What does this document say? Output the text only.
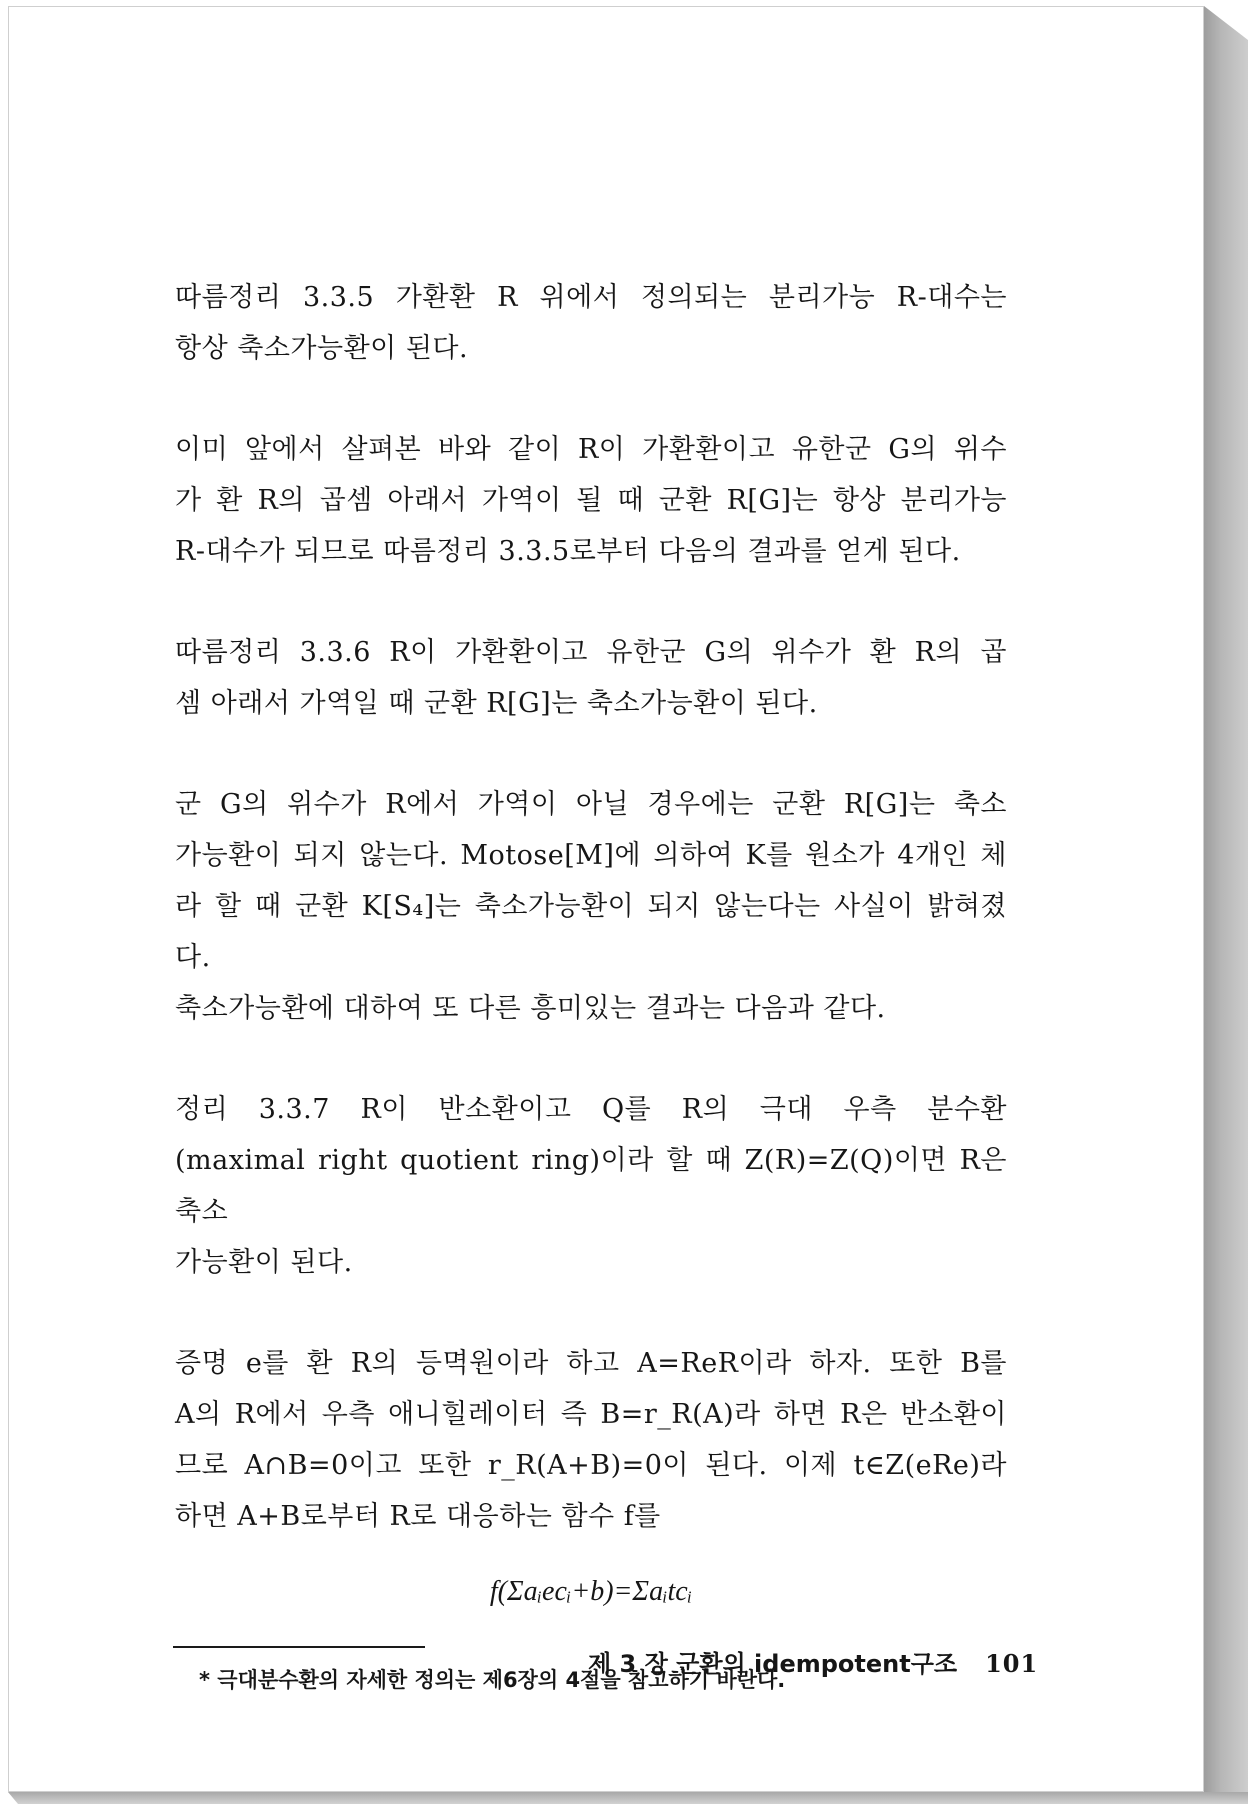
따름정리 3.3.5 가환환 R 위에서 정의되는 분리가능 R-대수는
항상 축소가능환이 된다.
이미 앞에서 살펴본 바와 같이 R이 가환환이고 유한군 G의 위수
가 환 R의 곱셈 아래서 가역이 될 때 군환 R[G]는 항상 분리가능
R-대수가 되므로 따름정리 3.3.5로부터 다음의 결과를 얻게 된다.
따름정리 3.3.6 R이 가환환이고 유한군 G의 위수가 환 R의 곱
셈 아래서 가역일 때 군환 R[G]는 축소가능환이 된다.
군 G의 위수가 R에서 가역이 아닐 경우에는 군환 R[G]는 축소
가능환이 되지 않는다. Motose[M]에 의하여 K를 원소가 4개인 체
라 할 때 군환 K[S₄]는 축소가능환이 되지 않는다는 사실이 밝혀졌
다.
축소가능환에 대하여 또 다른 흥미있는 결과는 다음과 같다.
정리 3.3.7 R이 반소환이고 Q를 R의 극대 우측 분수환
(maximal right quotient ring)이라 할 때 Z(R)=Z(Q)이면 R은 축소
가능환이 된다.
증명 e를 환 R의 등멱원이라 하고 A=ReR이라 하자. 또한 B를
A의 R에서 우측 애니힐레이터 즉 B=r_R(A)라 하면 R은 반소환이
므로 A∩B=0이고 또한 r_R(A+B)=0이 된다. 이제 t∈Z(eRe)라
하면 A+B로부터 R로 대응하는 함수 f를
f(Σaᵢecᵢ+b)=Σaᵢtcᵢ
* 극대분수환의 자세한 정의는 제6장의 4절을 참고하기 바란다.
제 3 장 군환의 idempotent구조 101
